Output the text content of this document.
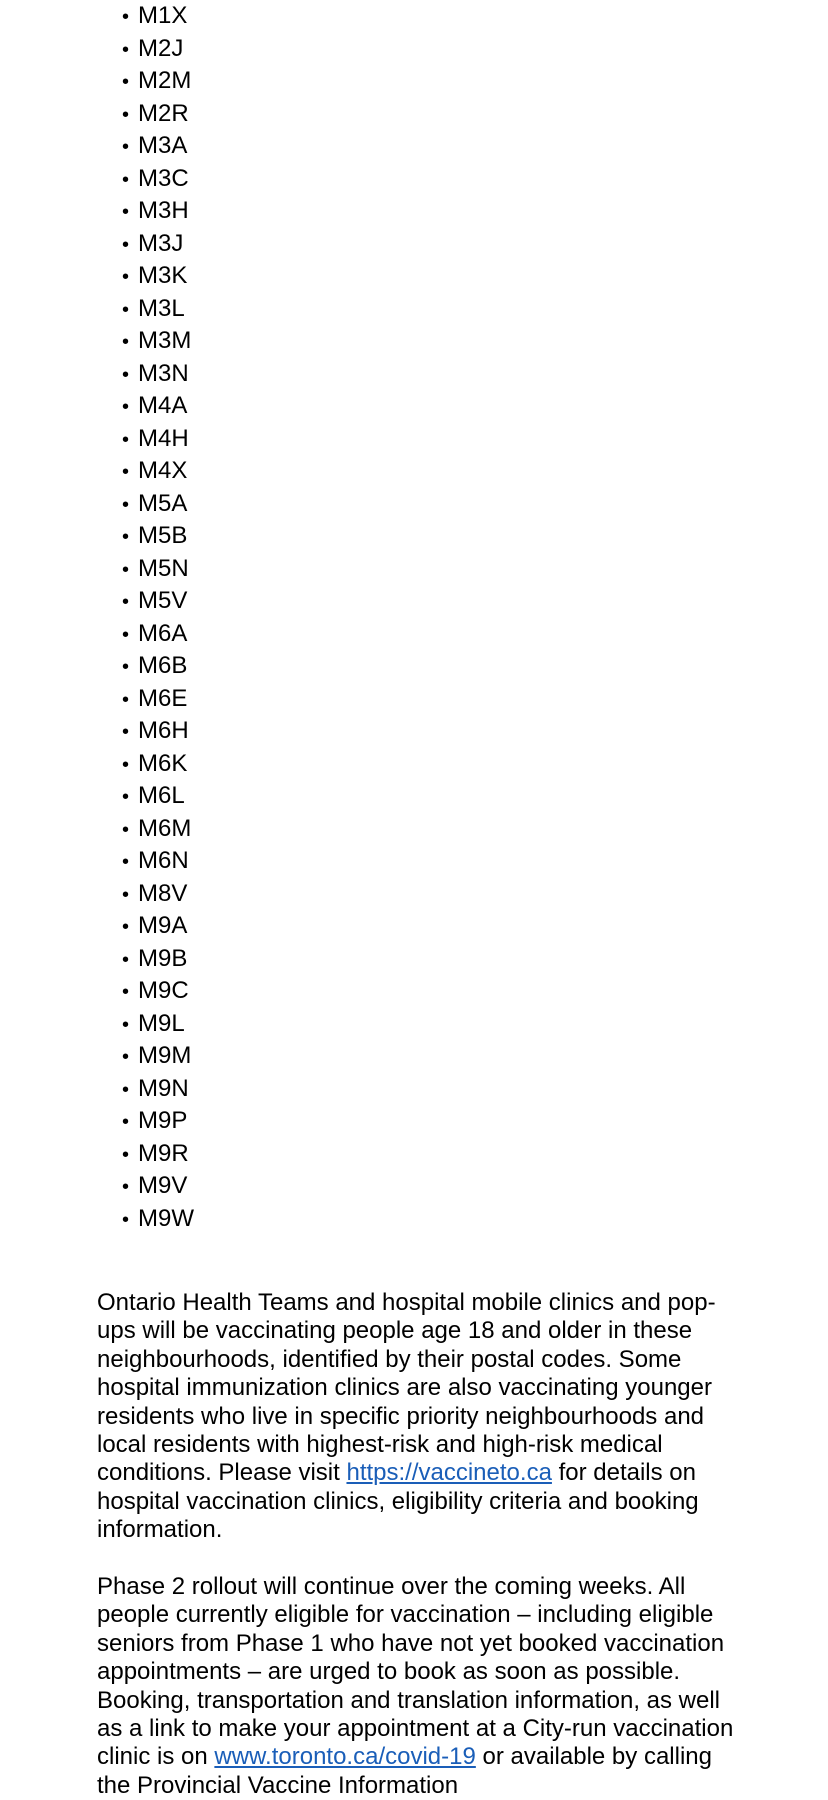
• M1X
• M2J
• M2M
• M2R
• M3A
• M3C
• M3H
• M3J
• M3K
• M3L
• M3M
• M3N
• M4A
• M4H
• M4X
• M5A
• M5B
• M5N
• M5V
• M6A
• M6B
• M6E
• M6H
• M6K
• M6L
• M6M
• M6N
• M8V
• M9A
• M9B
• M9C
• M9L
• M9M
• M9N
• M9P
• M9R
• M9V
• M9W

Ontario Health Teams and hospital mobile clinics and pop-ups will be vaccinating people age 18 and older in these neighbourhoods, identified by their postal codes. Some hospital immunization clinics are also vaccinating younger residents who live in specific priority neighbourhoods and local residents with highest-risk and high-risk medical conditions. Please visit https://vaccineto.ca for details on hospital vaccination clinics, eligibility criteria and booking information.

Phase 2 rollout will continue over the coming weeks. All people currently eligible for vaccination – including eligible seniors from Phase 1 who have not yet booked vaccination appointments – are urged to book as soon as possible. Booking, transportation and translation information, as well as a link to make your appointment at a City-run vaccination clinic is on www.toronto.ca/covid-19 or available by calling the Provincial Vaccine Information
